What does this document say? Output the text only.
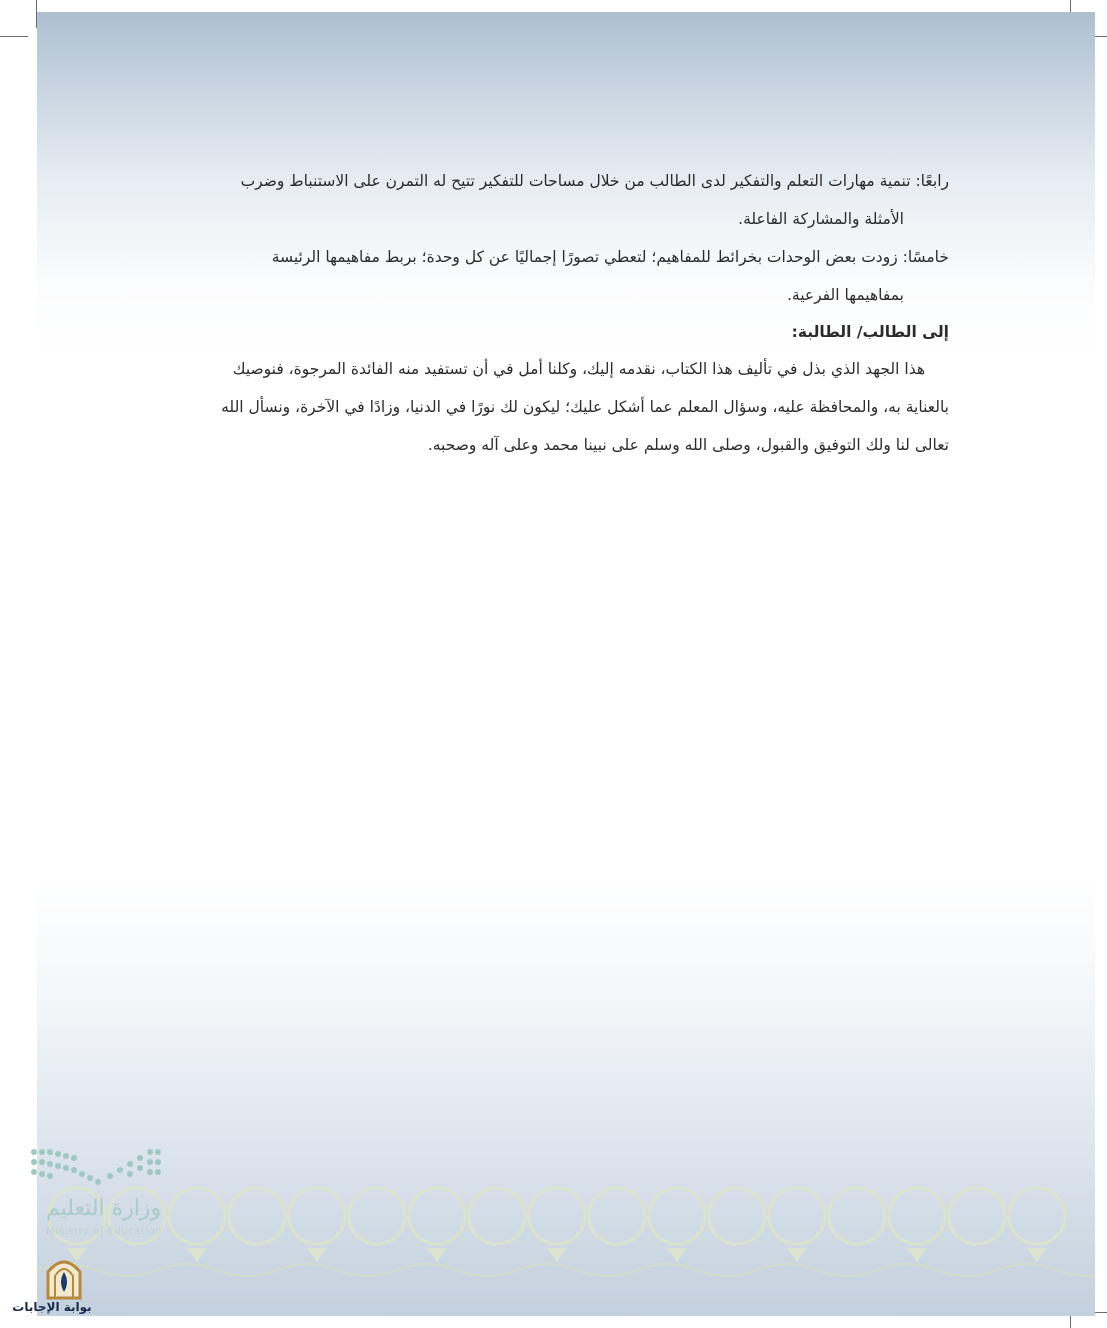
رابعًا: تنمية مهارات التعلم والتفكير لدى الطالب من خلال مساحات للتفكير تتيح له التمرن على الاستنباط وضرب

الأمثلة والمشاركة الفاعلة.

خامسًا: زودت بعض الوحدات بخرائط للمفاهيم؛ لتعطي تصورًا إجماليًا عن كل وحدة؛ بربط مفاهيمها الرئيسة

بمفاهيمها الفرعية.

إلى الطالب/ الطالبة:

هذا الجهد الذي بذل في تأليف هذا الكتاب، نقدمه إليك، وكلنا أمل في أن تستفيد منه الفائدة المرجوة، فنوصيك

بالعناية به، والمحافظة عليه، وسؤال المعلم عما أشكل عليك؛ ليكون لك نورًا في الدنيا، وزادًا في الآخرة، ونسأل الله

تعالى لنا ولك التوفيق والقبول، وصلى الله وسلم على نبينا محمد وعلى آله وصحبه.

وزارة التعليم
Ministry of Education
بوابة الإجابات
